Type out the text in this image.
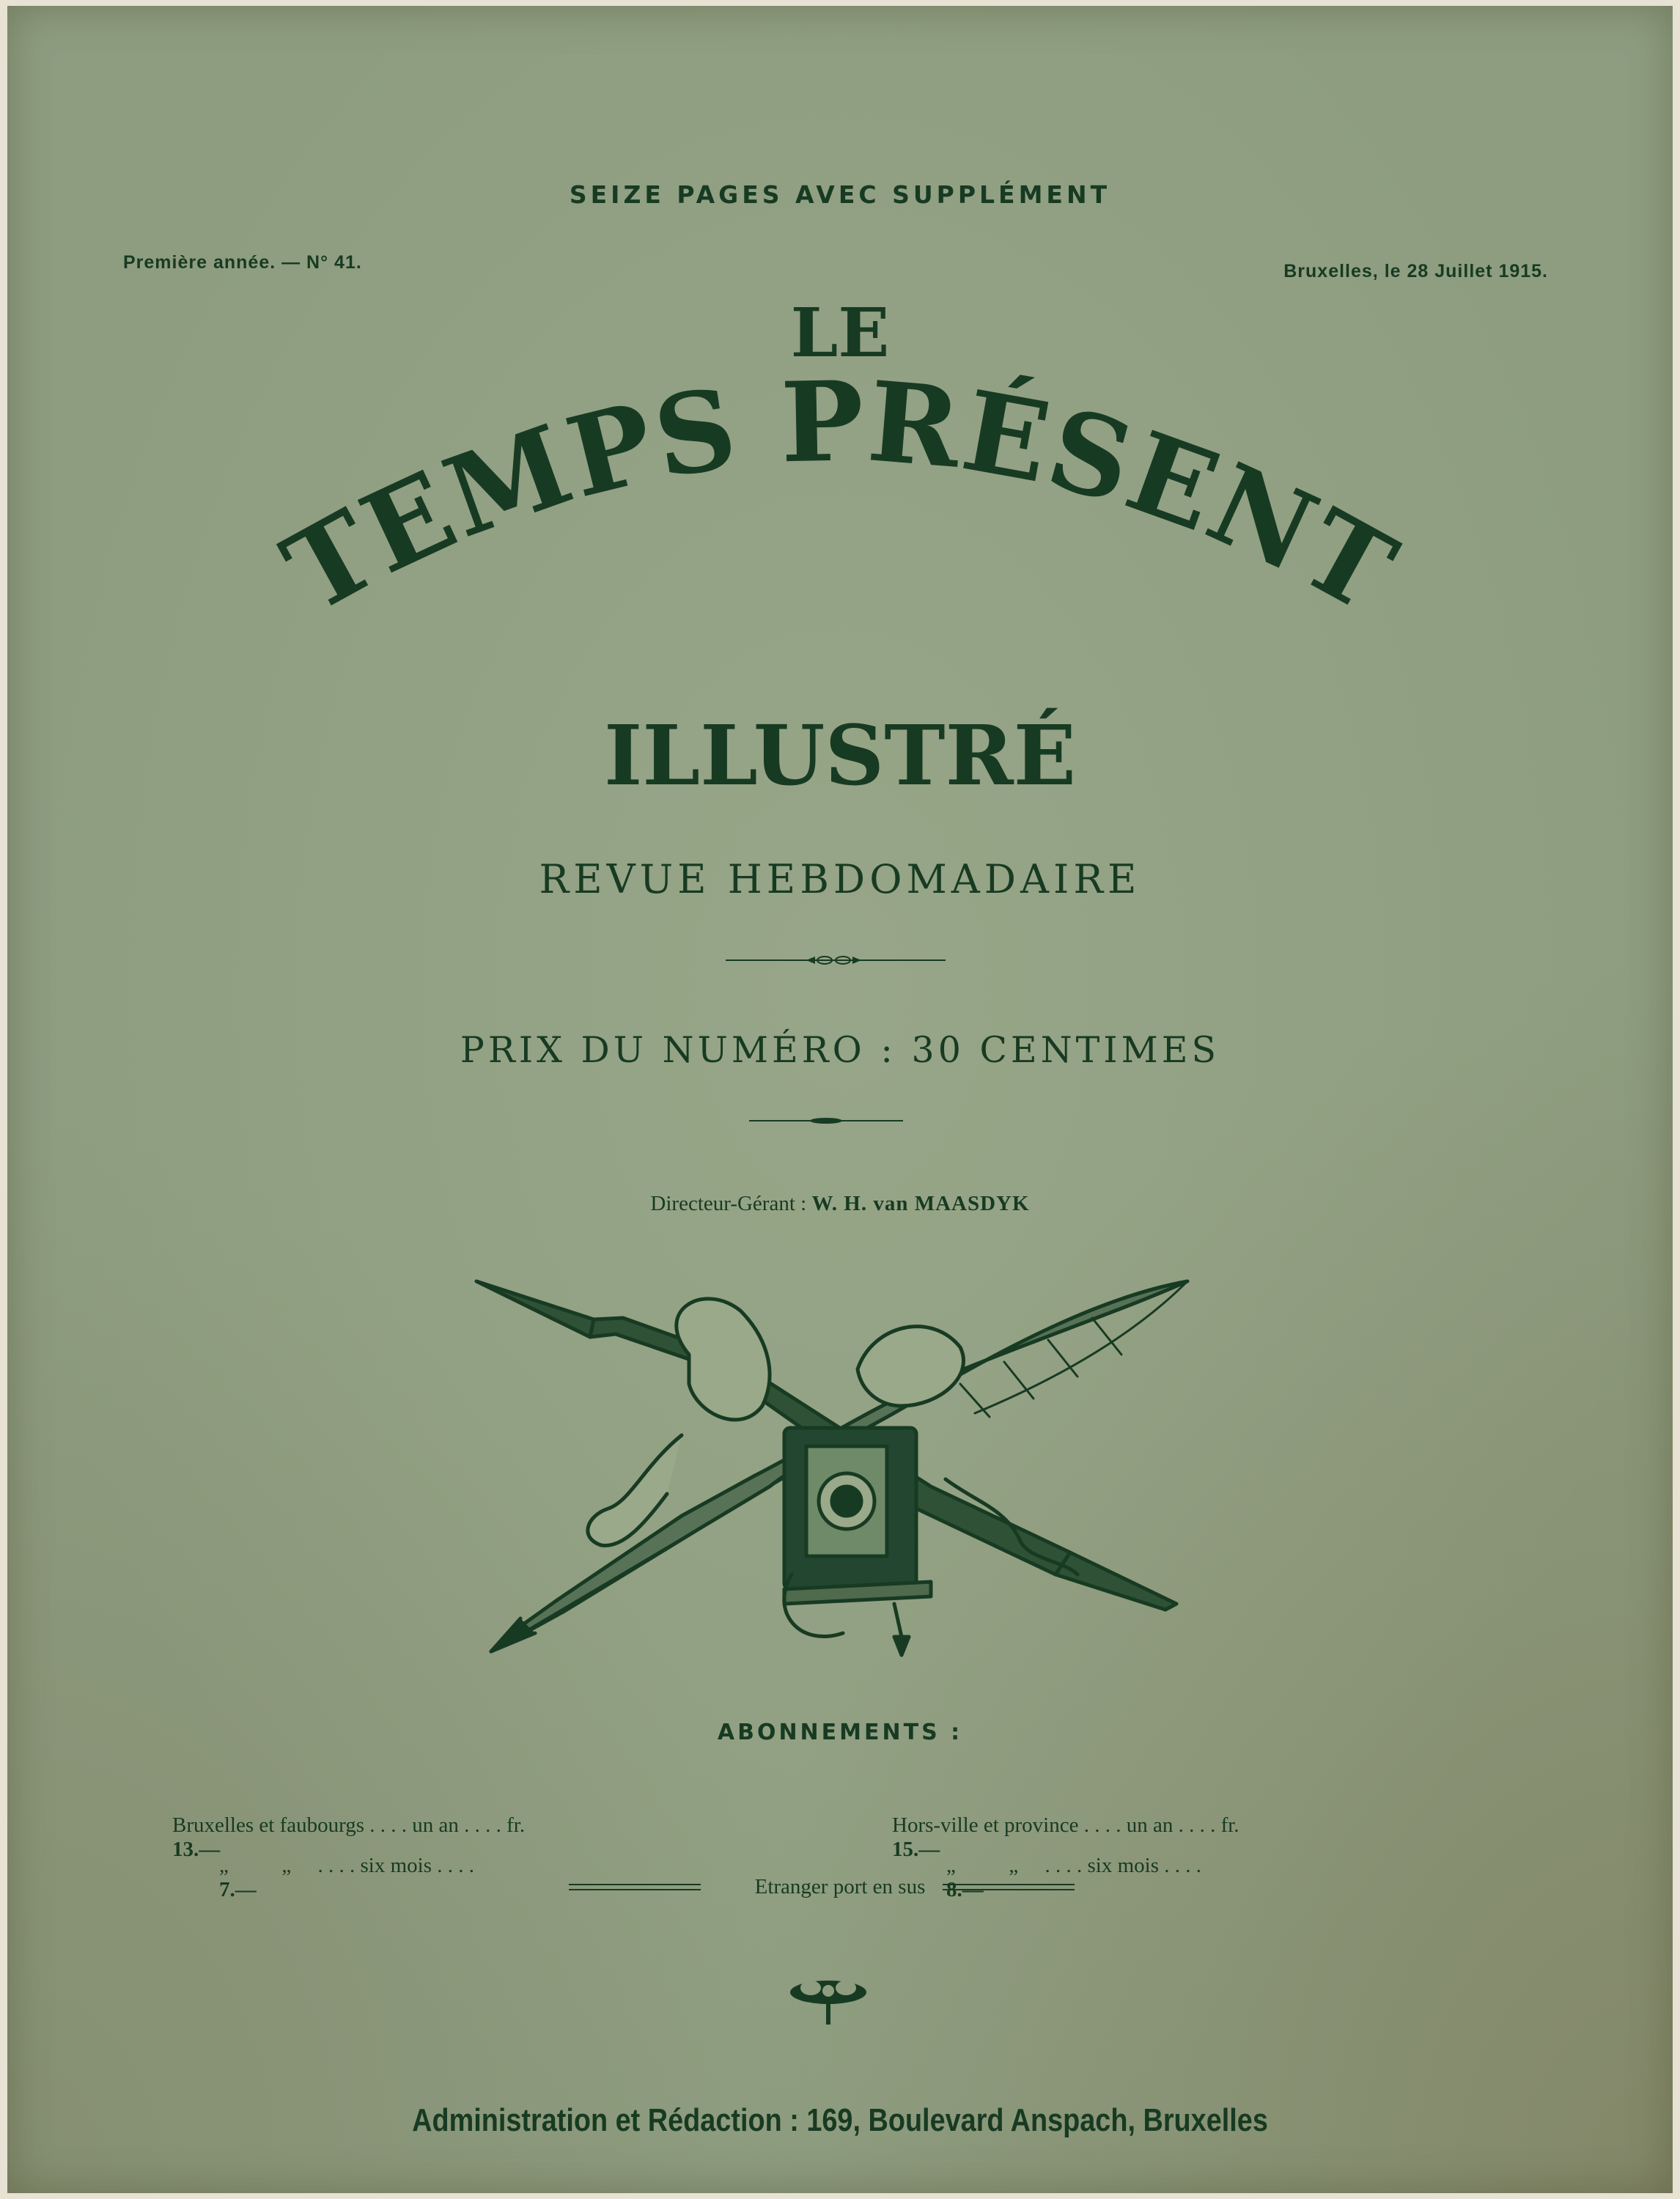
SEIZE PAGES AVEC SUPPLÉMENT
Première année. — N° 41.	Bruxelles, le 28 Juillet 1915.
LE
TEMPS PRÉSENT
ILLUSTRÉ
REVUE HEBDOMADAIRE
PRIX DU NUMÉRO : 30 CENTIMES
Directeur-Gérant : W. H. van MAASDYK
ABONNEMENTS :

Bruxelles et faubourgs . . . . un an . . . . fr.
13.—

„          „     . . . . six mois . . . .
7.—

Hors-ville et province . . . . un an . . . . fr.
15.—

„          „     . . . . six mois . . . .
8.—

Etranger port en sus
Administration et Rédaction : 169, Boulevard Anspach, Bruxelles
